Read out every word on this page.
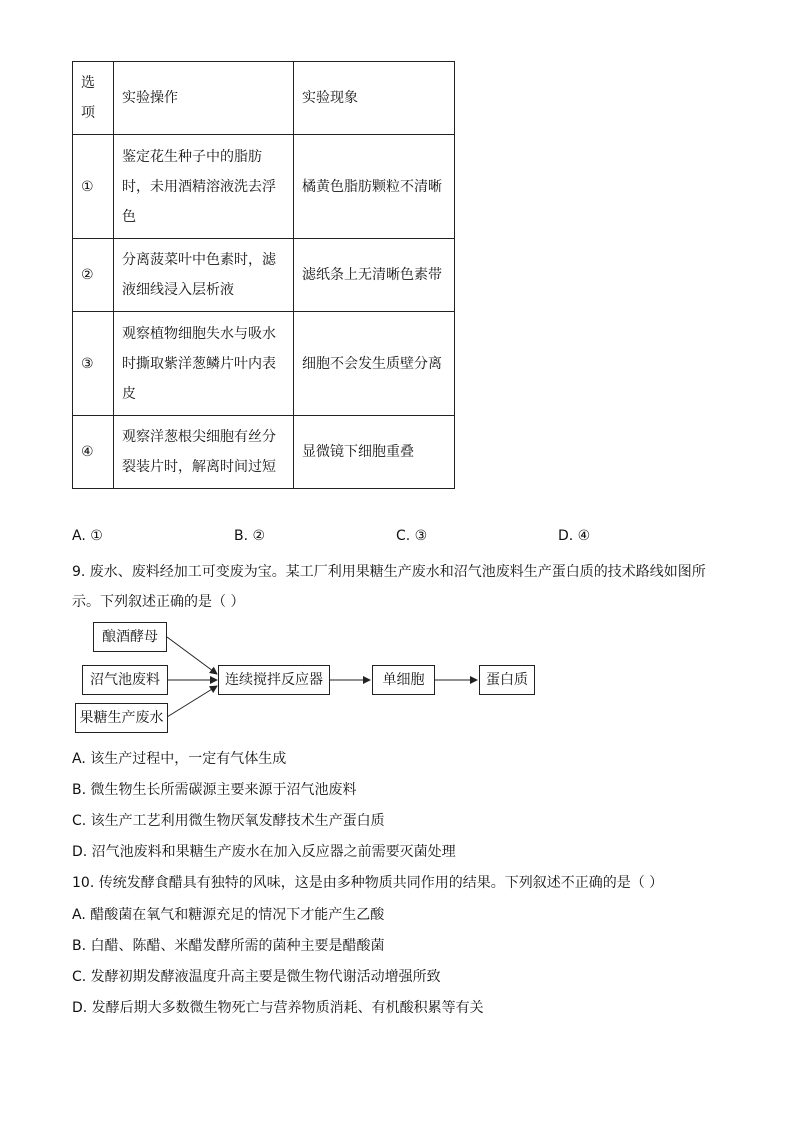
选
项	实验操作	实验现象
①	鉴定花生种子中的脂肪
时，未用酒精溶液洗去浮
色	橘黄色脂肪颗粒不清晰
②	分离菠菜叶中色素时，滤
液细线浸入层析液	滤纸条上无清晰色素带
③	观察植物细胞失水与吸水
时撕取紫洋葱鳞片叶内表
皮	细胞不会发生质壁分离
④	观察洋葱根尖细胞有丝分
裂装片时，解离时间过短	显微镜下细胞重叠
A. ①	B. ②	C. ③	D. ④
9. 废水、废料经加工可变废为宝。某工厂利用果糖生产废水和沼气池废料生产蛋白质的技术路线如图所
示。下列叙述正确的是（ ）
酿酒酵母
沼气池废料
果糖生产废水
连续搅拌反应器	单细胞	蛋白质
A. 该生产过程中，一定有气体生成
B. 微生物生长所需碳源主要来源于沼气池废料
C. 该生产工艺利用微生物厌氧发酵技术生产蛋白质
D. 沼气池废料和果糖生产废水在加入反应器之前需要灭菌处理
10. 传统发酵食醋具有独特的风味，这是由多种物质共同作用的结果。下列叙述不正确的是（ ）
A. 醋酸菌在氧气和糖源充足的情况下才能产生乙酸
B. 白醋、陈醋、米醋发酵所需的菌种主要是醋酸菌
C. 发酵初期发酵液温度升高主要是微生物代谢活动增强所致
D. 发酵后期大多数微生物死亡与营养物质消耗、有机酸积累等有关
